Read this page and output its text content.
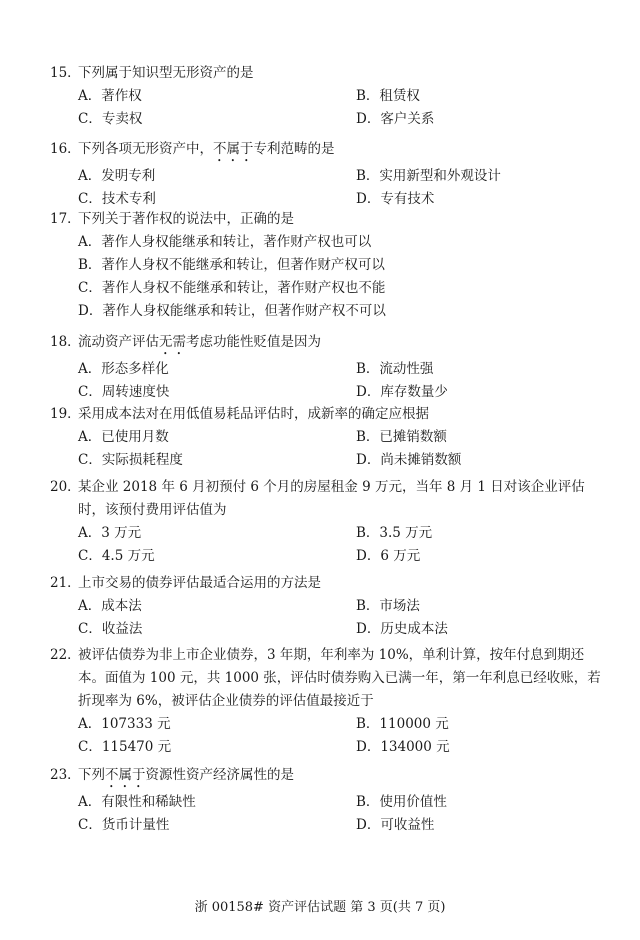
15．
下列属于知识型无形资产的是
A．著作权	B．租赁权
C．专卖权	D．客户关系
16．
下列各项无形资产中，不属于专利范畴的是
A．发明专利	B．实用新型和外观设计
C．技术专利	D．专有技术
17．
下列关于著作权的说法中，正确的是
A．著作人身权能继承和转让，著作财产权也可以
B．著作人身权不能继承和转让，但著作财产权可以
C．著作人身权不能继承和转让，著作财产权也不能
D．著作人身权能继承和转让，但著作财产权不可以
18．
流动资产评估无需考虑功能性贬值是因为
A．形态多样化	B．流动性强
C．周转速度快	D．库存数量少
19．
采用成本法对在用低值易耗品评估时，成新率的确定应根据
A．已使用月数	B．已摊销数额
C．实际损耗程度	D．尚未摊销数额
20．
某企业 2018 年 6 月初预付 6 个月的房屋租金 9 万元，当年 8 月 1 日对该企业评估时，该预付费用评估值为
A．3 万元	B．3.5 万元
C．4.5 万元	D．6 万元
21．
上市交易的债券评估最适合运用的方法是
A．成本法	B．市场法
C．收益法	D．历史成本法
22．
被评估债券为非上市企业债券，3 年期，年利率为 10%，单利计算，按年付息到期还本。面值为 100 元，共 1000 张，评估时债券购入已满一年，第一年利息已经收账，若折现率为 6%，被评估企业债券的评估值最接近于
A．107333 元	B．110000 元
C．115470 元	D．134000 元
23．
下列不属于资源性资产经济属性的是
A．有限性和稀缺性	B．使用价值性
C．货币计量性	D．可收益性
浙 00158# 资产评估试题 第 3 页(共 7 页)
